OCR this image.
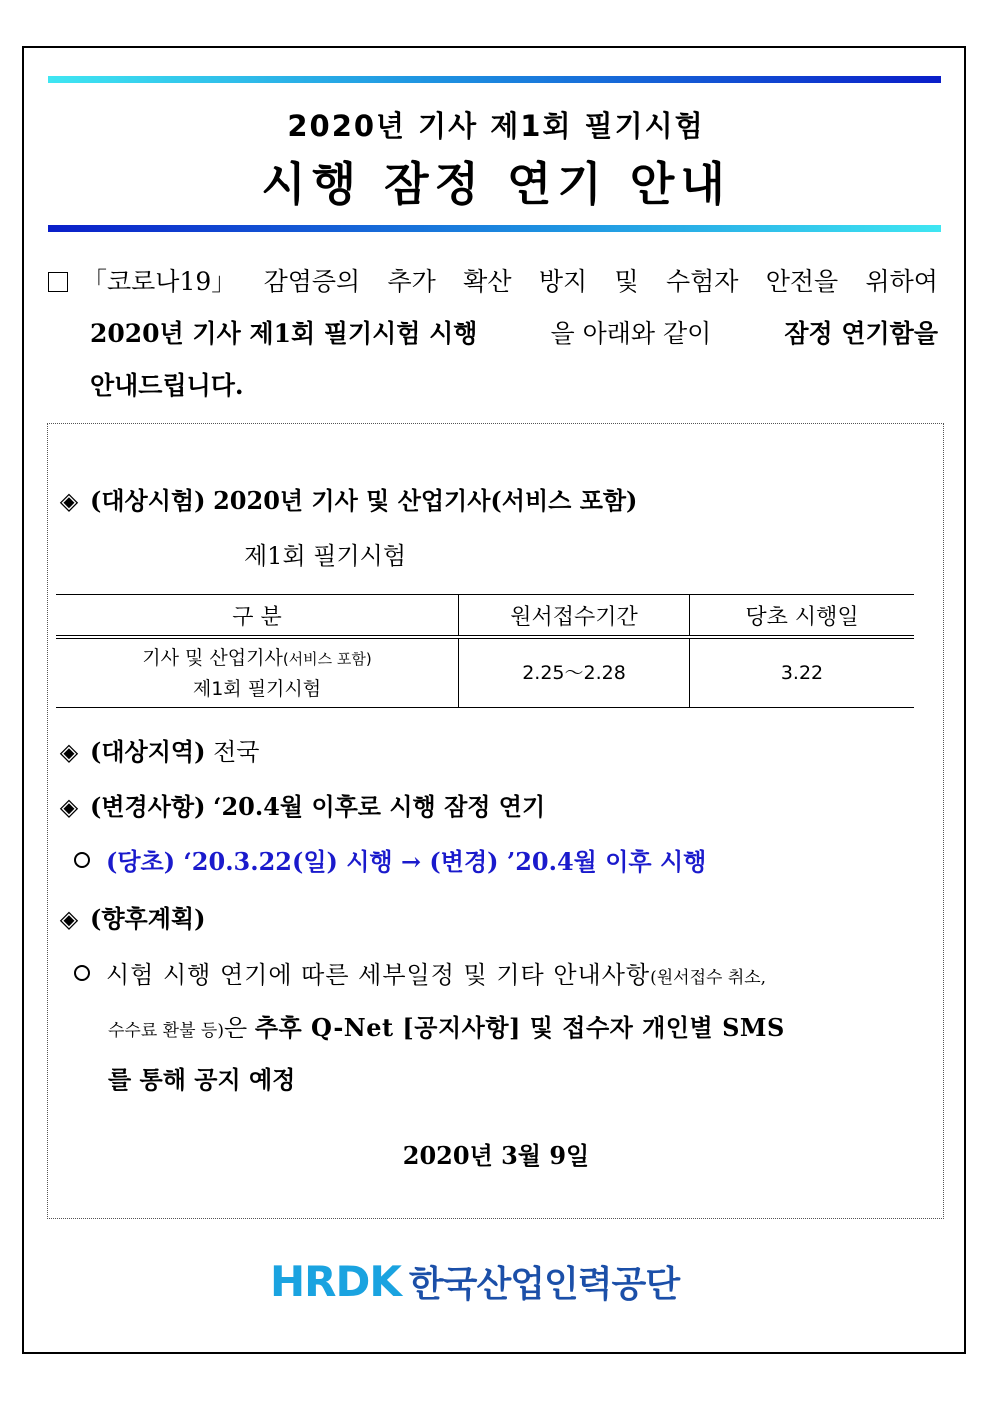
2020년 기사 제1회 필기시험
시행 잠정 연기 안내
「코로나19」 감염증의 추가 확산 방지 및 수험자 안전을 위하여
2020년 기사 제1회 필기시험 시행	을 아래와 같이	잠정 연기함을
안내드립니다.
◈ (대상시험) 2020년 기사 및 산업기사(서비스 포함)
제1회 필기시험
구 분	원서접수기간	당초 시행일
기사 및 산업기사(서비스 포함)
제1회 필기시험	2.25～2.28	3.22
◈ (대상지역) 전국
◈ (변경사항) ‘20.4월 이후로 시행 잠정 연기
(당초) ‘20.3.22(일) 시행 → (변경) ’20.4월 이후 시행
◈ (향후계획)
시험 시행 연기에 따른 세부일정 및 기타 안내사항(원서접수 취소,
수수료 환불 등)은 추후 Q-Net [공지사항] 및 접수자 개인별 SMS
를 통해 공지 예정
2020년 3월 9일
HRDK 한국산업인력공단
